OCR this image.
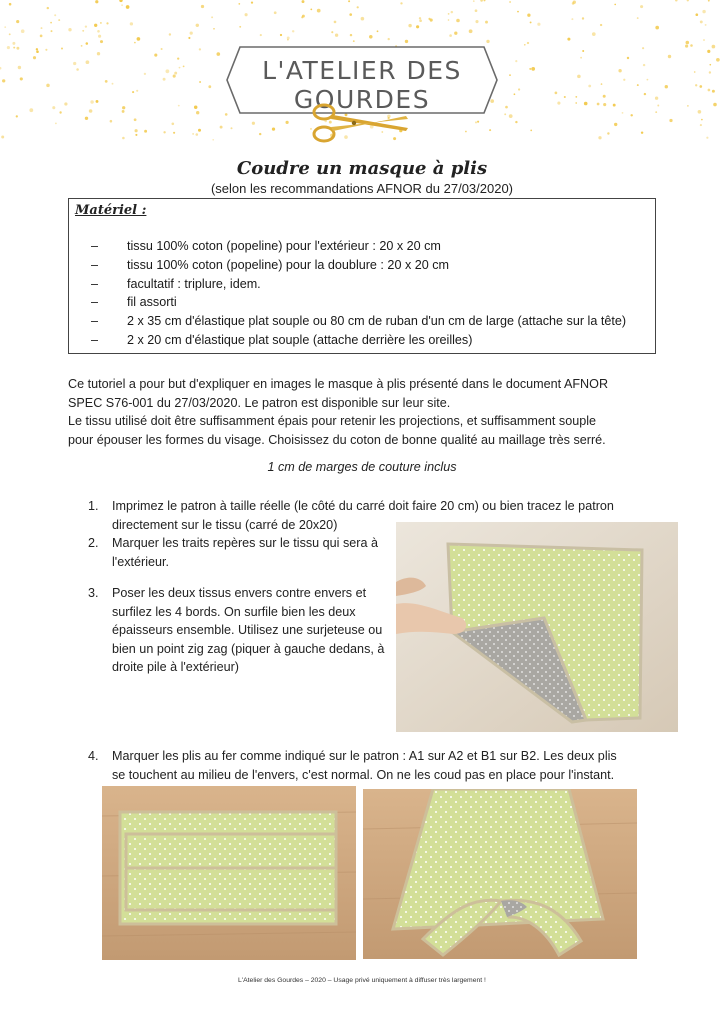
L'ATELIER DES GOURDES
Coudre un masque à plis
(selon les recommandations AFNOR du 27/03/2020)
Matériel :
–	tissu 100% coton (popeline) pour l'extérieur : 20 x 20 cm
–	tissu 100% coton (popeline) pour la doublure : 20 x 20 cm
–	facultatif : triplure, idem.
–	fil assorti
–	2 x 35 cm d'élastique plat souple ou 80 cm de ruban d'un cm de large (attache sur la tête)
–	2 x 20 cm d'élastique plat souple (attache derrière les oreilles)
Ce tutoriel a pour but d'expliquer en images le masque à plis présenté dans le document AFNOR
SPEC S76-001 du 27/03/2020. Le patron est disponible sur leur site.
Le tissu utilisé doit être suffisamment épais pour retenir les projections, et suffisamment souple
pour épouser les formes du visage. Choisissez du coton de bonne qualité au maillage très serré.
1 cm de marges de couture inclus
1. Imprimez le patron à taille réelle (le côté du carré doit faire 20 cm) ou bien tracez le patron
directement sur le tissu (carré de 20x20)
2. Marquer les traits repères sur le tissu qui sera à
l'extérieur.
3. Poser les deux tissus envers contre envers et
surfilez les 4 bords. On surfile bien les deux
épaisseurs ensemble. Utilisez une surjeteuse ou
bien un point zig zag (piquer à gauche dedans, à
droite pile à l'extérieur)
4. Marquer les plis au fer comme indiqué sur le patron : A1 sur A2 et B1 sur B2. Les deux plis
se touchent au milieu de l'envers, c'est normal. On ne les coud pas en place pour l'instant.
L'Atelier des Gourdes – 2020 – Usage privé uniquement à diffuser très largement !
